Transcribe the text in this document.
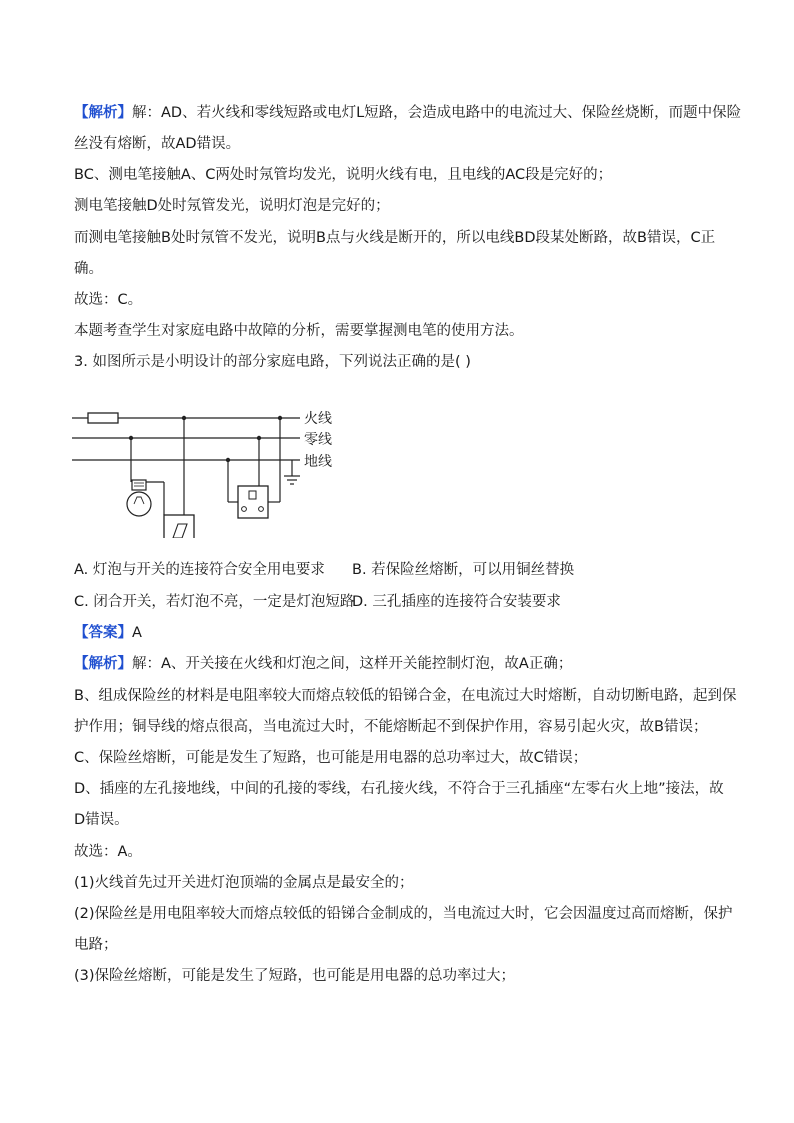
【解析】解：AD、若火线和零线短路或电灯L短路，会造成电路中的电流过大、保险丝烧断，而题中保险
丝没有熔断，故AD错误。
BC、测电笔接触A、C两处时氖管均发光，说明火线有电，且电线的AC段是完好的；
测电笔接触D处时氖管发光，说明灯泡是完好的；
而测电笔接触B处时氖管不发光，说明B点与火线是断开的，所以电线BD段某处断路，故B错误，C正
确。
故选：C。
本题考查学生对家庭电路中故障的分析，需要掌握测电笔的使用方法。
3. 如图所示是小明设计的部分家庭电路，下列说法正确的是( )
火线
零线
地线
A. 灯泡与开关的连接符合安全用电要求 B. 若保险丝熔断，可以用铜丝替换
C. 闭合开关，若灯泡不亮，一定是灯泡短路
D. 三孔插座的连接符合安装要求
【答案】A
【解析】解：A、开关接在火线和灯泡之间，这样开关能控制灯泡，故A正确；
B、组成保险丝的材料是电阻率较大而熔点较低的铅锑合金，在电流过大时熔断，自动切断电路，起到保
护作用；铜导线的熔点很高，当电流过大时，不能熔断起不到保护作用，容易引起火灾，故B错误；
C、保险丝熔断，可能是发生了短路，也可能是用电器的总功率过大，故C错误；
D、插座的左孔接地线，中间的孔接的零线，右孔接火线，不符合于三孔插座“左零右火上地”接法，故
D错误。
故选：A。
(1)火线首先过开关进灯泡顶端的金属点是最安全的；
(2)保险丝是用电阻率较大而熔点较低的铅锑合金制成的，当电流过大时，它会因温度过高而熔断，保护
电路；
(3)保险丝熔断，可能是发生了短路，也可能是用电器的总功率过大；
